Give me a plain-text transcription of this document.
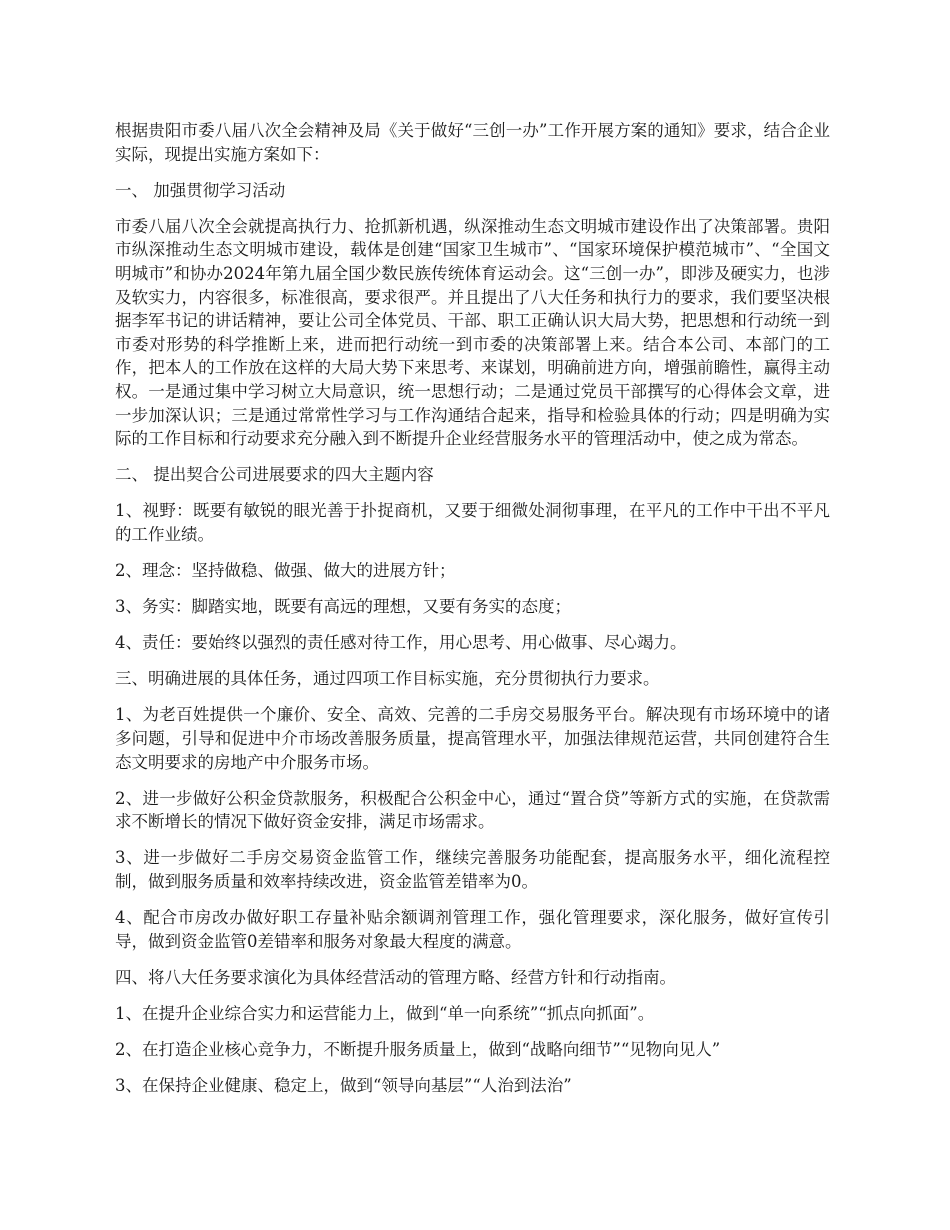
根据贵阳市委八届八次全会精神及局《关于做好“三创一办”工作开展方案的通知》要求，结合企业实际，现提出实施方案如下：

一、 加强贯彻学习活动

市委八届八次全会就提高执行力、抢抓新机遇，纵深推动生态文明城市建设作出了决策部署。贵阳市纵深推动生态文明城市建设，载体是创建“国家卫生城市”、“国家环境保护模范城市”、“全国文明城市”和协办2024年第九届全国少数民族传统体育运动会。这“三创一办”，即涉及硬实力，也涉及软实力，内容很多，标准很高，要求很严。并且提出了八大任务和执行力的要求，我们要坚决根据李军书记的讲话精神，要让公司全体党员、干部、职工正确认识大局大势，把思想和行动统一到市委对形势的科学推断上来，进而把行动统一到市委的决策部署上来。结合本公司、本部门的工作，把本人的工作放在这样的大局大势下来思考、来谋划，明确前进方向，增强前瞻性，赢得主动权。一是通过集中学习树立大局意识，统一思想行动；二是通过党员干部撰写的心得体会文章，进一步加深认识；三是通过常常性学习与工作沟通结合起来，指导和检验具体的行动；四是明确为实际的工作目标和行动要求充分融入到不断提升企业经营服务水平的管理活动中，使之成为常态。

二、 提出契合公司进展要求的四大主题内容

1、视野：既要有敏锐的眼光善于扑捉商机，又要于细微处洞彻事理，在平凡的工作中干出不平凡的工作业绩。

2、理念：坚持做稳、做强、做大的进展方针；

3、务实：脚踏实地，既要有高远的理想，又要有务实的态度；

4、责任：要始终以强烈的责任感对待工作，用心思考、用心做事、尽心竭力。

三、明确进展的具体任务，通过四项工作目标实施，充分贯彻执行力要求。

1、为老百姓提供一个廉价、安全、高效、完善的二手房交易服务平台。解决现有市场环境中的诸多问题，引导和促进中介市场改善服务质量，提高管理水平，加强法律规范运营，共同创建符合生态文明要求的房地产中介服务市场。

2、进一步做好公积金贷款服务，积极配合公积金中心，通过“置合贷”等新方式的实施，在贷款需求不断增长的情况下做好资金安排，满足市场需求。

3、进一步做好二手房交易资金监管工作，继续完善服务功能配套，提高服务水平，细化流程控制，做到服务质量和效率持续改进，资金监管差错率为0。

4、配合市房改办做好职工存量补贴余额调剂管理工作，强化管理要求，深化服务，做好宣传引导，做到资金监管0差错率和服务对象最大程度的满意。

四、将八大任务要求演化为具体经营活动的管理方略、经营方针和行动指南。

1、在提升企业综合实力和运营能力上，做到“单一向系统”“抓点向抓面”。

2、在打造企业核心竞争力，不断提升服务质量上，做到“战略向细节”“见物向见人”

3、在保持企业健康、稳定上，做到“领导向基层”“人治到法治”
